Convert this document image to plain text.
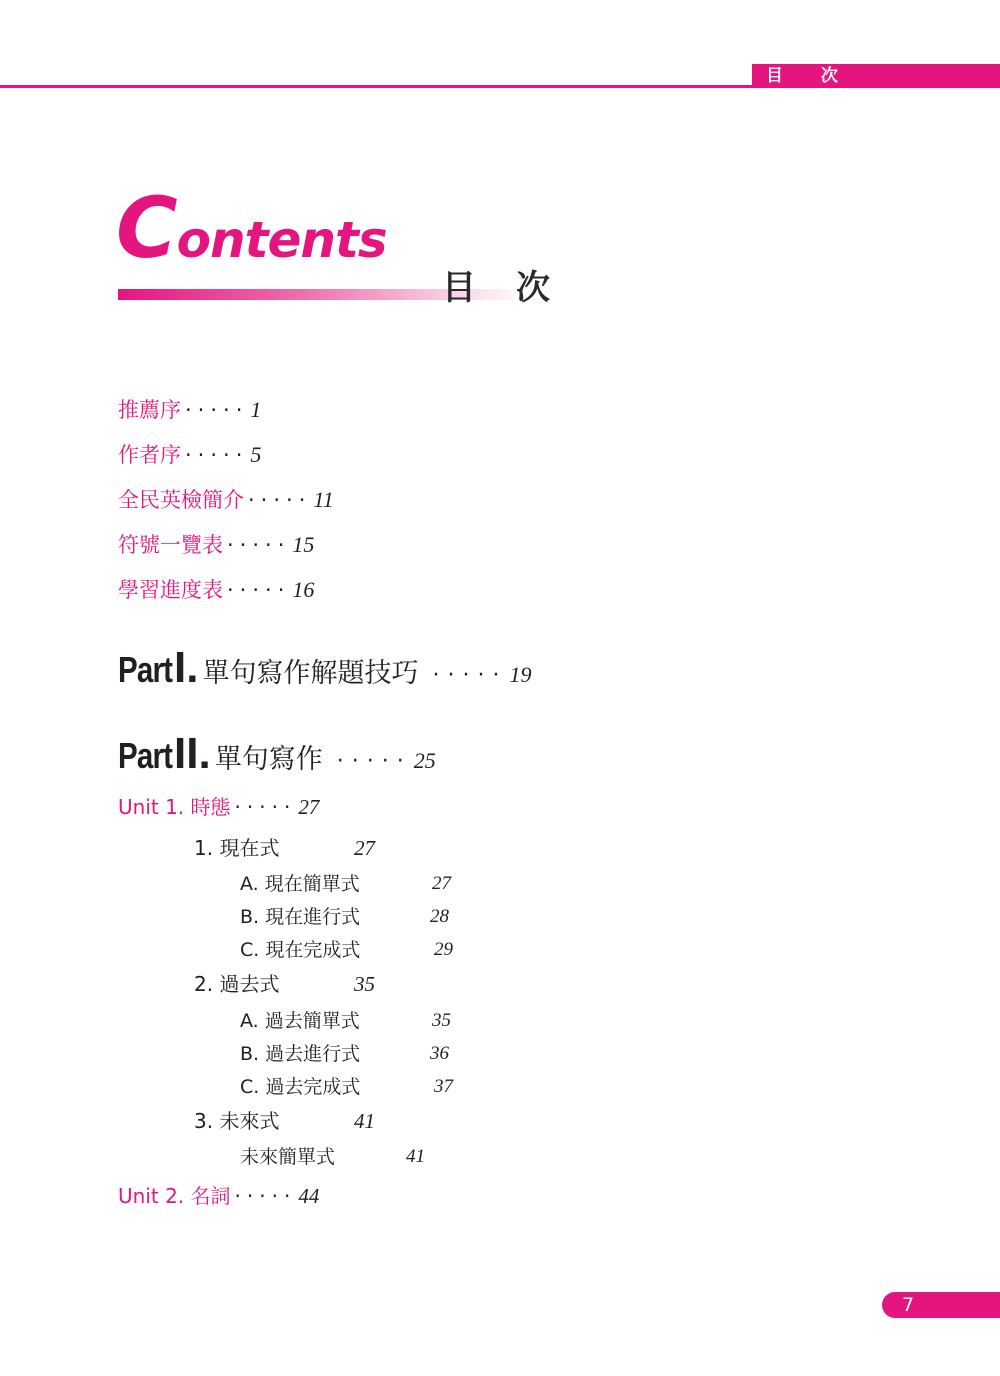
目 次
Contents
目次
推薦序 ·····1
作者序 ·····5
全民英檢簡介 ·····11
符號一覽表 ·····15
學習進度表 ·····16
PartI. 單句寫作解題技巧 ·····19
PartII. 單句寫作 ·····25
Unit 1. 時態 ·····27
1. 現在式	27
A. 現在簡單式	27
B. 現在進行式	28
C. 現在完成式	29
2. 過去式	35
A. 過去簡單式	35
B. 過去進行式	36
C. 過去完成式	37
3. 未來式	41
未來簡單式	41
Unit 2. 名詞 ·····44
7
